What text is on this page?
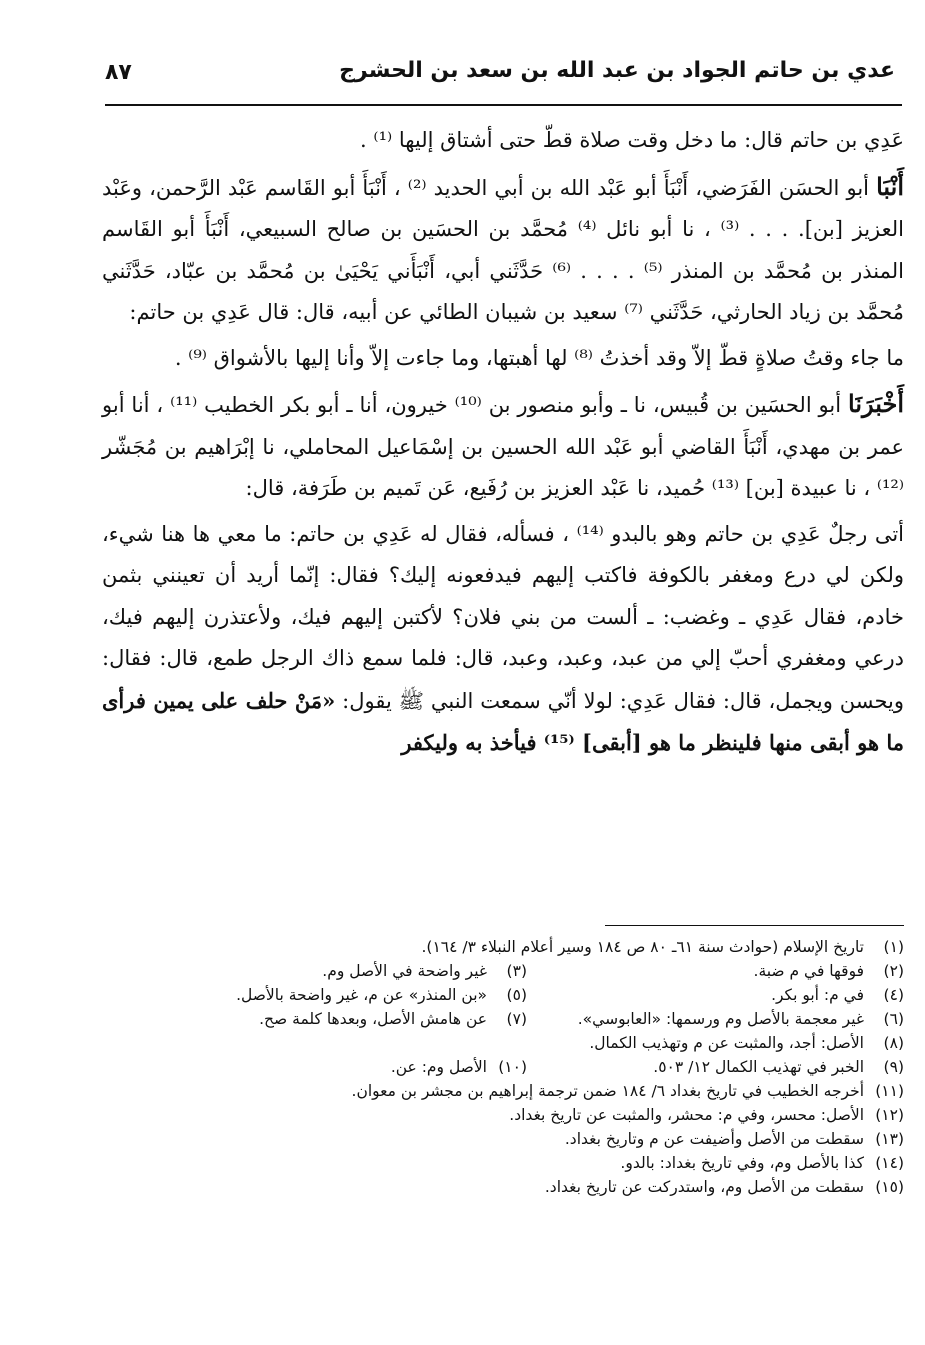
عدي بن حاتم الجواد بن عبد الله بن سعد بن الحشرج
٨٧

عَدِي بن حاتم قال: ما دخل وقت صلاة قطّ حتى أشتاق إليها ⁽¹⁾ .

أَنْبَا أبو الحسَن الفَرَضي، أَنْبَأَ أبو عَبْد الله بن أبي الحديد ⁽²⁾ ، أَنْبَأَ أبو القَاسم عَبْد الرَّحمن، وعَبْد العزيز [بن]. . . . ⁽³⁾ ، نا أبو نائل ⁽⁴⁾ مُحمَّد بن الحسَين بن صالح السبيعي، أَنْبَأَ أبو القَاسم المنذر بن مُحمَّد بن المنذر ⁽⁵⁾ . . . . ⁽⁶⁾ حَدَّثَني أبي، أَنْبَأَني يَحْيَىٰ بن مُحمَّد بن عبّاد، حَدَّثَني مُحمَّد بن زياد الحارثي، حَدَّثَني ⁽⁷⁾ سعيد بن شيبان الطائي عن أبيه، قال: قال عَدِي بن حاتم:

ما جاء وقتُ صلاةٍ قطّ إلاّ وقد أخذتُ ⁽⁸⁾ لها أهبتها، وما جاءت إلاّ وأنا إليها بالأشواق ⁽⁹⁾ .

أَخْبَرَنَا أبو الحسَين بن قُبيس، نا ـ وأبو منصور بن ⁽¹⁰⁾ خيرون، أنا ـ أبو بكر الخطيب ⁽¹¹⁾ ، أنا أبو عمر بن مهدي، أَنْبَأَ القاضي أبو عَبْد الله الحسين بن إسْمَاعيل المحاملي، نا إبْرَاهيم بن مُجَشّر ⁽¹²⁾ ، نا عبيدة [بن] ⁽¹³⁾ حُميد، نا عَبْد العزيز بن رُفَيع، عَن تَميم بن طَرَفة، قال:

أتى رجلٌ عَدِي بن حاتم وهو بالبدو ⁽¹⁴⁾ ، فسأله، فقال له عَدِي بن حاتم: ما معي ها هنا شيء، ولكن لي درع ومغفر بالكوفة فاكتب إليهم فيدفعونه إليك؟ فقال: إنّما أريد أن تعينني بثمن خادم، فقال عَدِي ـ وغضب: ـ ألست من بني فلان؟ لأكتبن إليهم فيك، ولأعتذرن إليهم فيك، درعي ومغفري أحبّ إلي من عبد، وعبد، وعبد، قال: فلما سمع ذاك الرجل طمع، قال: فقال: ويحسن ويجمل، قال: فقال عَدِي: لولا أنّي سمعت النبي ﷺ يقول: «مَنْ حلف على يمين فرأى ما هو أبقى منها فلينظر ما هو [أبقى] ⁽¹⁵⁾ فيأخذ به وليكفر

(١)
تاريخ الإسلام (حوادث سنة ٦١ـ ٨٠ ص ١٨٤ وسير أعلام النبلاء ٣/ ١٦٤).
(٢)
فوقها في م ضبة.
(٣)
غير واضحة في الأصل وم.
(٤)
في م: أبو بكر.
(٥)
«بن المنذر» عن م، غير واضحة بالأصل.
(٦)
غير معجمة بالأصل وم ورسمها: «العابوسي».
(٧)
عن هامش الأصل، وبعدها كلمة صح.
(٨)
الأصل: أجد، والمثبت عن م وتهذيب الكمال.
(٩)
الخبر في تهذيب الكمال ١٢/ ٥٠٣.
(١٠)
الأصل وم: عن.
(١١)
أخرجه الخطيب في تاريخ بغداد ٦/ ١٨٤ ضمن ترجمة إبراهيم بن مجشر بن معوان.
(١٢)
الأصل: محسر، وفي م: محشر، والمثبت عن تاريخ بغداد.
(١٣)
سقطت من الأصل وأضيفت عن م وتاريخ بغداد.
(١٤)
كذا بالأصل وم، وفي تاريخ بغداد: بالدو.
(١٥)
سقطت من الأصل وم، واستدركت عن تاريخ بغداد.
